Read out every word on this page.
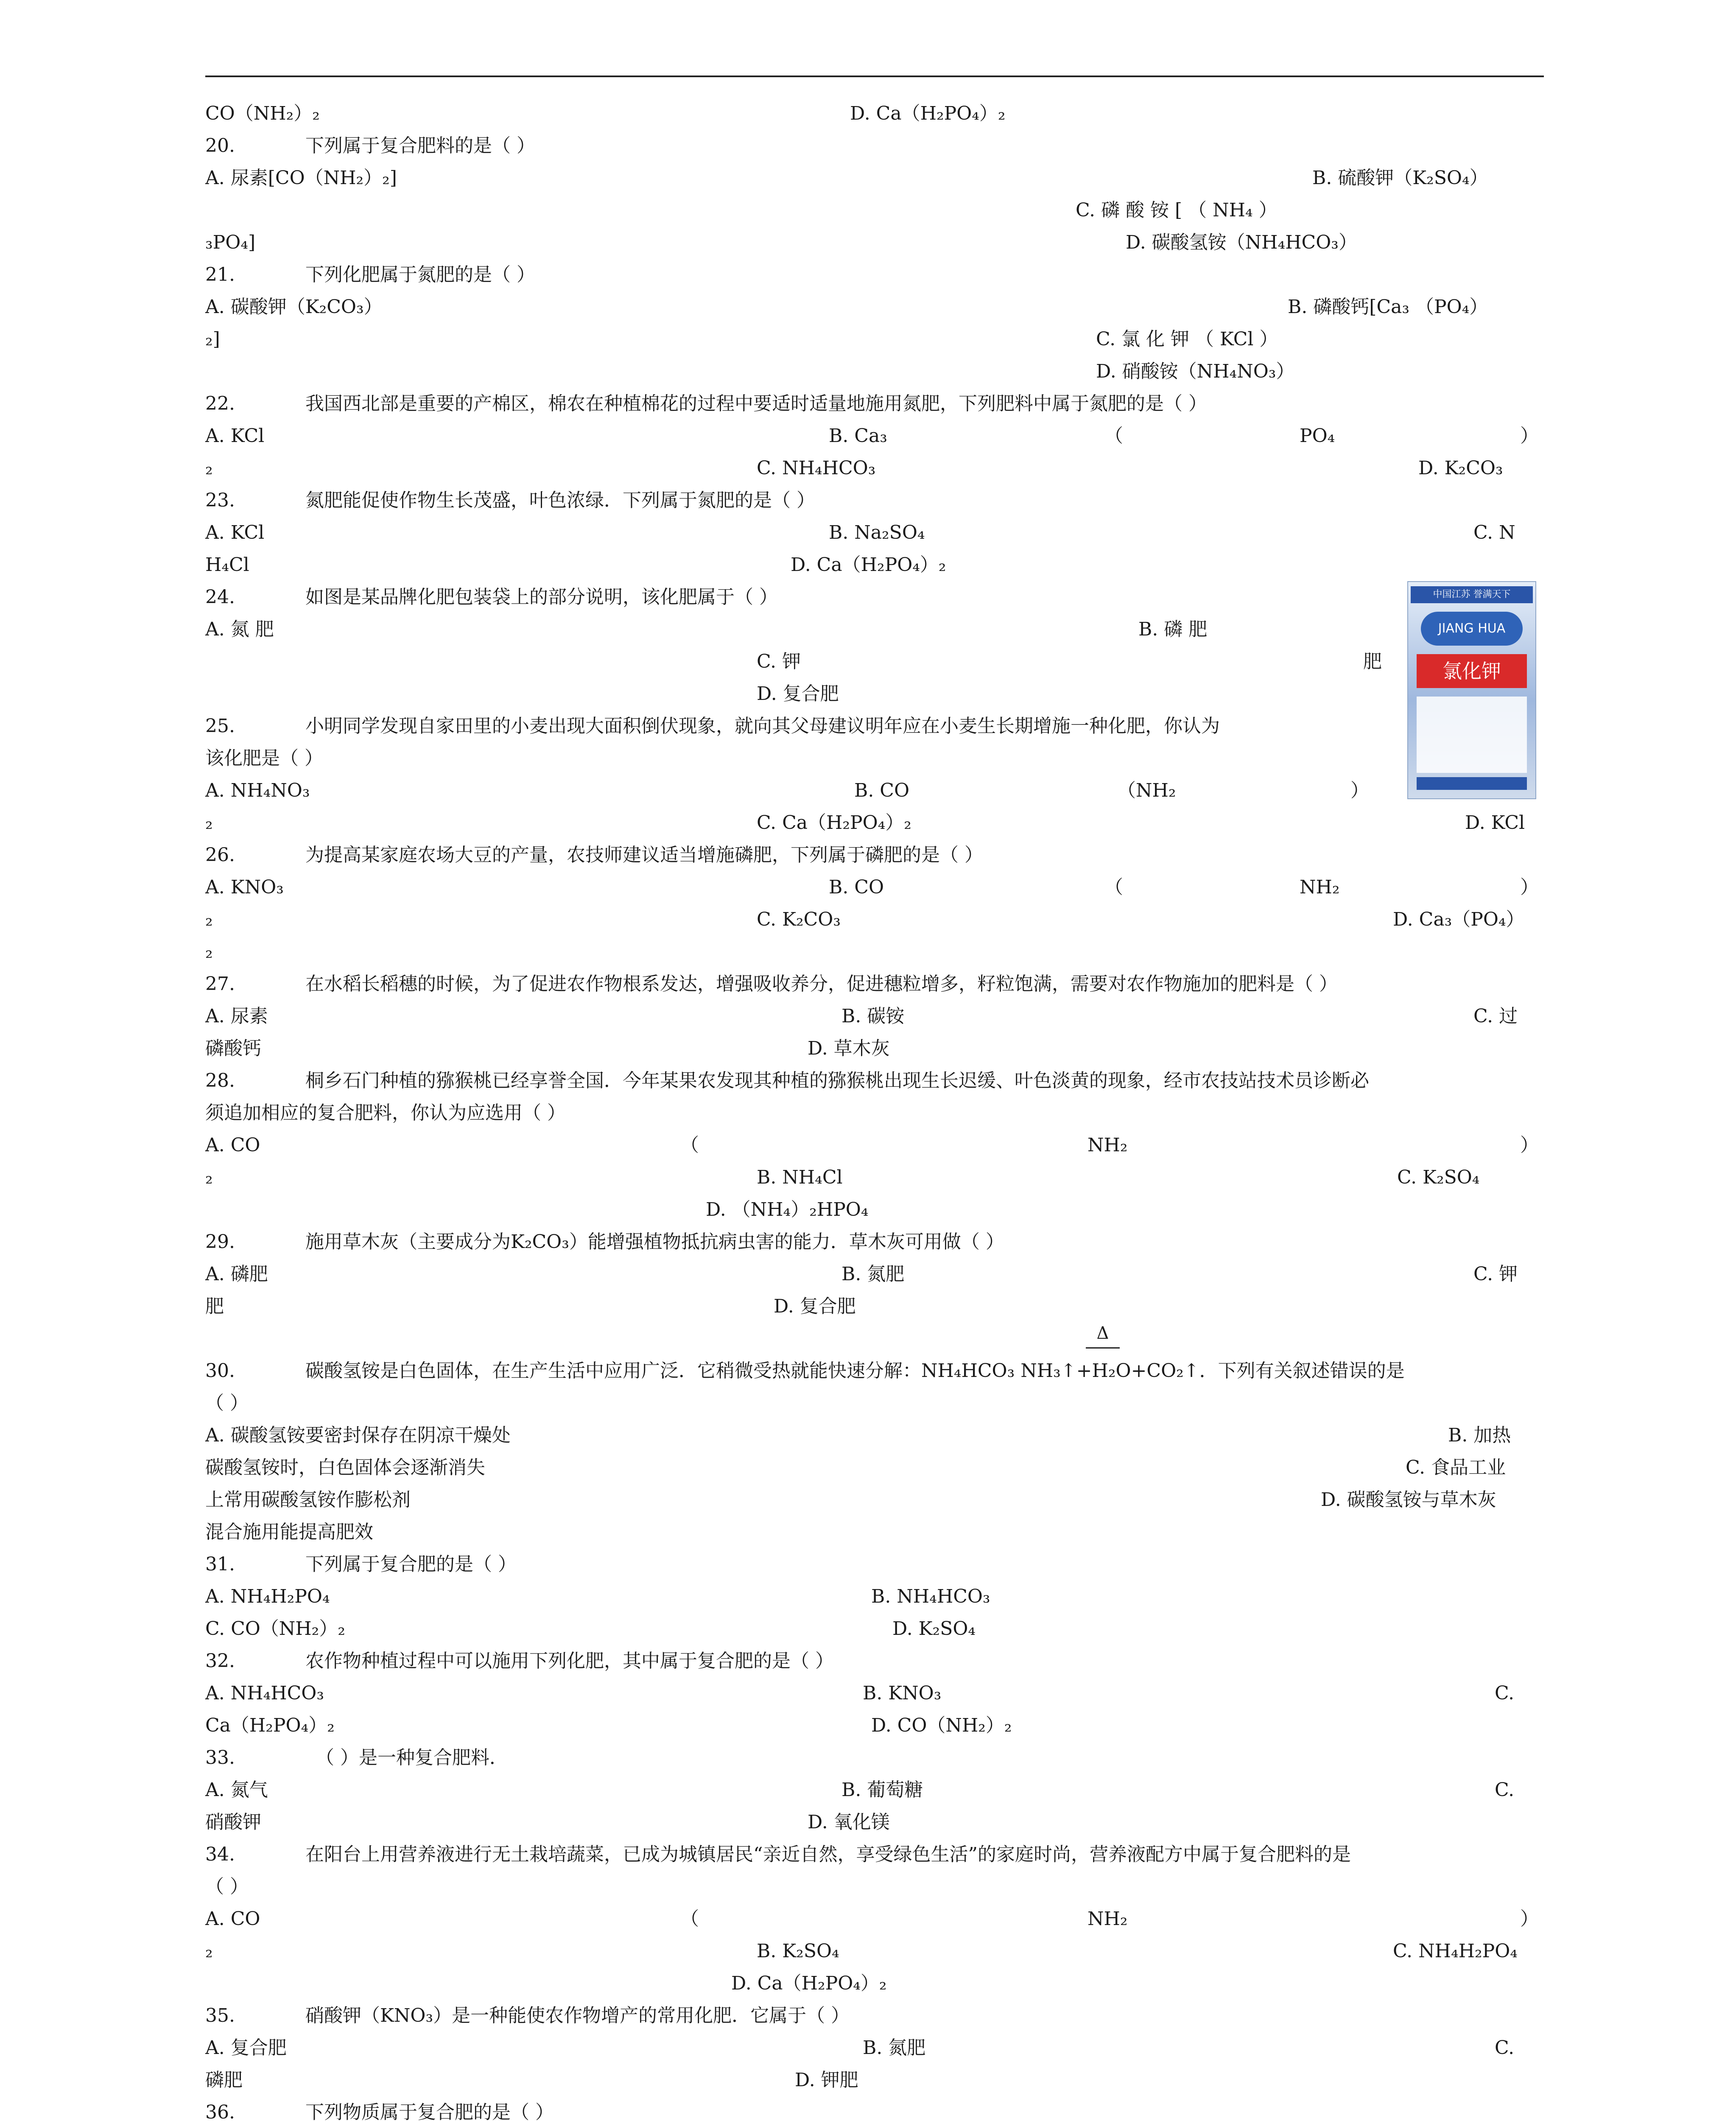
CO（NH₂）₂	D. Ca（H₂PO₄）₂
20.	下列属于复合肥料的是（ ）
A. 尿素[CO（NH₂）₂]	B. 硫酸钾（K₂SO₄）
C. 磷 酸 铵 [ （ NH₄ ）
₃PO₄]	D. 碳酸氢铵（NH₄HCO₃）
21.	下列化肥属于氮肥的是（ ）
A. 碳酸钾（K₂CO₃）	B. 磷酸钙[Ca₃ （PO₄）
₂]	C. 氯 化 钾 （ KCl ）
D. 硝酸铵（NH₄NO₃）
22.	我国西北部是重要的产棉区，棉农在种植棉花的过程中要适时适量地施用氮肥，下列肥料中属于氮肥的是（ ）
A. KCl	B. Ca₃	（	PO₄	）
₂	C. NH₄HCO₃	D. K₂CO₃
23.	氮肥能促使作物生长茂盛，叶色浓绿．下列属于氮肥的是（ ）
A. KCl	B. Na₂SO₄	C. N
H₄Cl	D. Ca（H₂PO₄）₂
24.	如图是某品牌化肥包装袋上的部分说明，该化肥属于（ ）
A. 氮 肥	B. 磷 肥
C. 钾	肥
D. 复合肥
25.	小明同学发现自家田里的小麦出现大面积倒伏现象，就向其父母建议明年应在小麦生长期增施一种化肥，你认为
该化肥是（ ）
A. NH₄NO₃	B. CO	（NH₂	）
₂	C. Ca（H₂PO₄）₂	D. KCl
26.	为提高某家庭农场大豆的产量，农技师建议适当增施磷肥，下列属于磷肥的是（ ）
A. KNO₃	B. CO	（	NH₂	）
₂	C. K₂CO₃	D. Ca₃（PO₄）
₂
27.	在水稻长稻穗的时候，为了促进农作物根系发达，增强吸收养分，促进穗粒增多，籽粒饱满，需要对农作物施加的肥料是（ ）
A. 尿素	B. 碳铵	C. 过
磷酸钙	D. 草木灰
28.	桐乡石门种植的猕猴桃已经享誉全国．今年某果农发现其种植的猕猴桃出现生长迟缓、叶色淡黄的现象，经市农技站技术员诊断必
须追加相应的复合肥料，你认为应选用（ ）
A. CO	（	NH₂	）
₂	B. NH₄Cl	C. K₂SO₄
D. （NH₄）₂HPO₄
29.	施用草木灰（主要成分为K₂CO₃）能增强植物抵抗病虫害的能力．草木灰可用做（ ）
A. 磷肥	B. 氮肥	C. 钾
肥	D. 复合肥
30.	碳酸氢铵是白色固体，在生产生活中应用广泛．它稍微受热就能快速分解：NH₄HCO₃ NH₃↑+H₂O+CO₂↑．下列有关叙述错误的是
（ ）
A. 碳酸氢铵要密封保存在阴凉干燥处	B. 加热
碳酸氢铵时，白色固体会逐渐消失	C. 食品工业
上常用碳酸氢铵作膨松剂	D. 碳酸氢铵与草木灰
混合施用能提高肥效
31.	下列属于复合肥的是（ ）
A. NH₄H₂PO₄	B. NH₄HCO₃
C. CO（NH₂）₂	D. K₂SO₄
32.	农作物种植过程中可以施用下列化肥，其中属于复合肥的是（ ）
A. NH₄HCO₃	B. KNO₃	C.
Ca（H₂PO₄）₂	D. CO（NH₂）₂
33.	（ ）是一种复合肥料．
A. 氮气	B. 葡萄糖	C.
硝酸钾	D. 氧化镁
34.	在阳台上用营养液进行无土栽培蔬菜，已成为城镇居民“亲近自然，享受绿色生活”的家庭时尚，营养液配方中属于复合肥料的是
（ ）
A. CO	（	NH₂	）
₂	B. K₂SO₄	C. NH₄H₂PO₄
D. Ca（H₂PO₄）₂
35.	硝酸钾（KNO₃）是一种能使农作物增产的常用化肥．它属于（ ）
A. 复合肥	B. 氮肥	C.
磷肥	D. 钾肥
36.	下列物质属于复合肥的是（ ）
Δ
中国江苏 誉满天下
JIANG HUA
氯化钾
